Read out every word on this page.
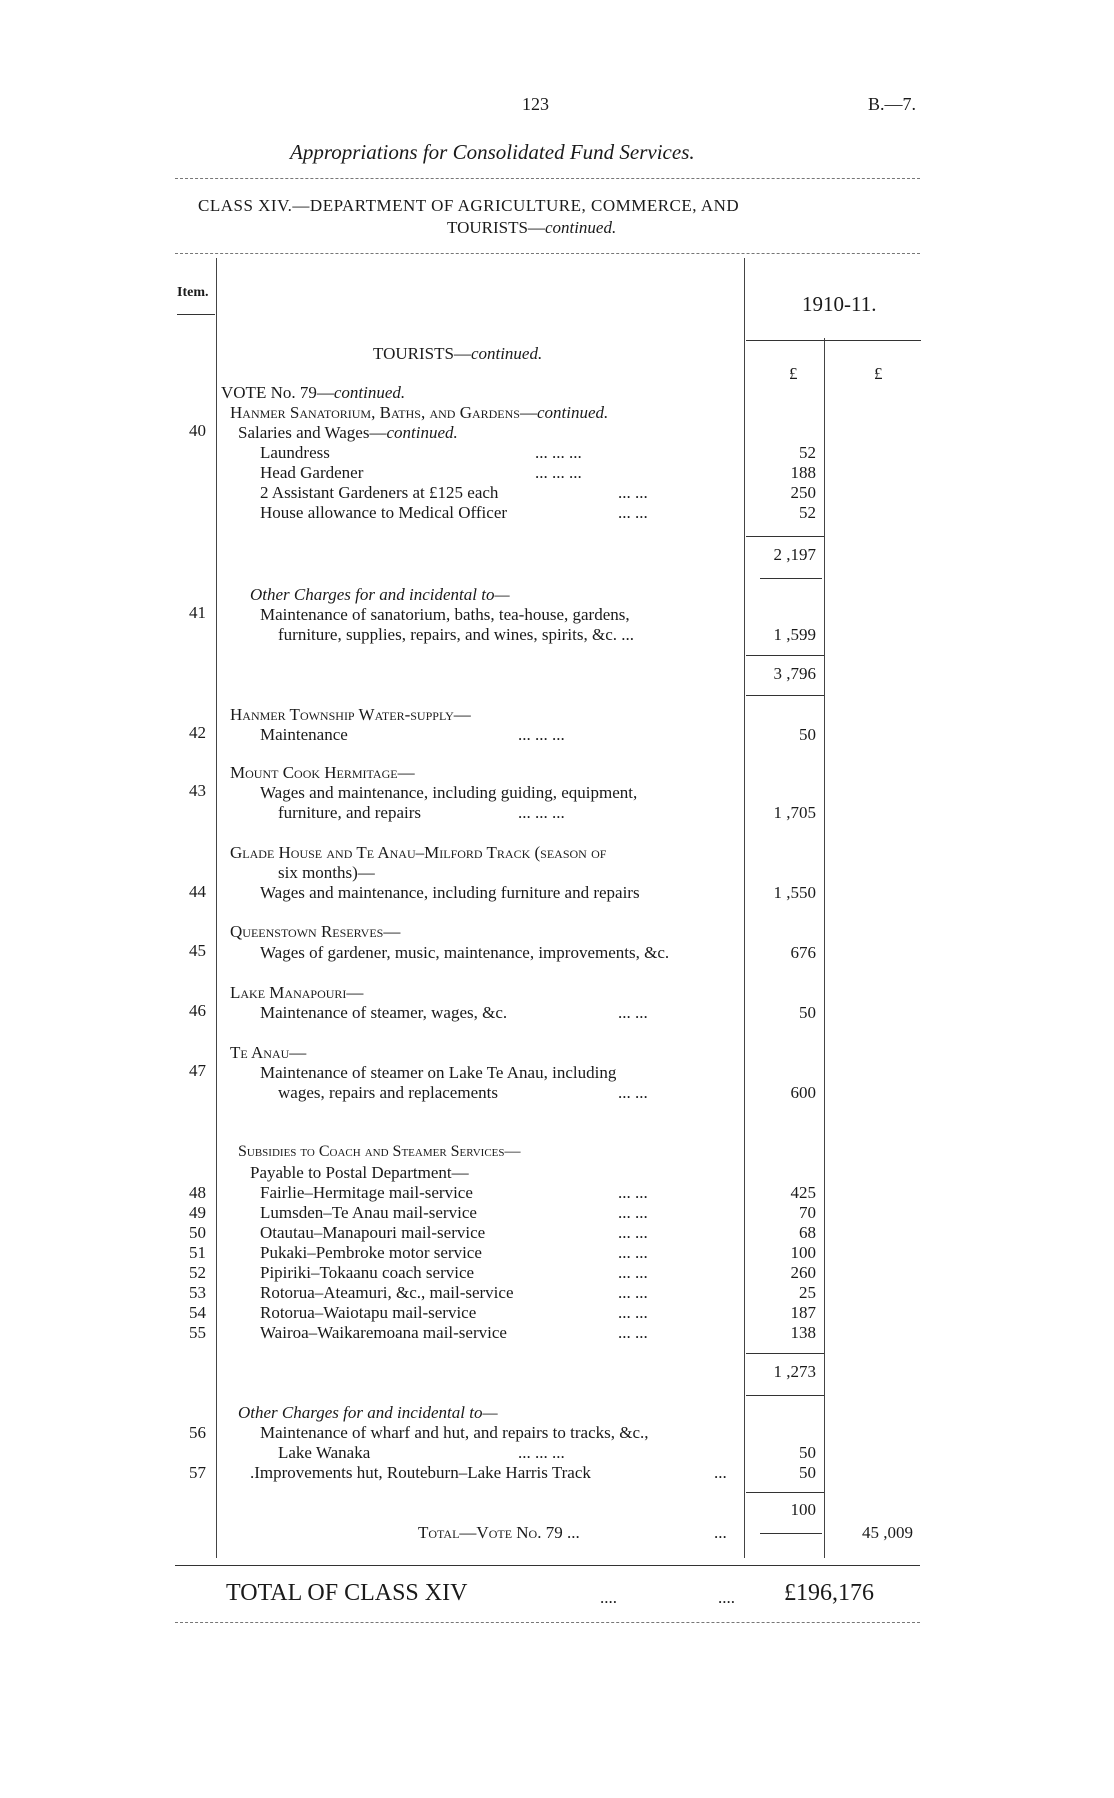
123	B.—7.
Appropriations for Consolidated Fund Services.
CLASS XIV.—DEPARTMENT OF AGRICULTURE, COMMERCE, AND
TOURISTS—continued.
Item.	1910-11.
£	£
TOURISTS—continued.
VOTE No. 79—continued.
Hanmer Sanatorium, Baths, and Gardens—continued.
Salaries and Wages—continued.
40
Laundress	... ... ...	52
Head Gardener	... ... ...	188
2 Assistant Gardeners at £125 each	... ...	250
House allowance to Medical Officer	... ...	52
2 ,197
Other Charges for and incidental to—
41	Maintenance of sanatorium, baths, tea-house, gardens,
furniture, supplies, repairs, and wines, spirits, &c. ...	1 ,599
3 ,796
Hanmer Township Water-supply—
42	Maintenance	... ... ...	50
Mount Cook Hermitage—
43	Wages and maintenance, including guiding, equipment,
furniture, and repairs	... ... ...	1 ,705
Glade House and Te Anau–Milford Track (season of
six months)—
44	Wages and maintenance, including furniture and repairs	1 ,550
Queenstown Reserves—
45	Wages of gardener, music, maintenance, improvements, &c.	676
Lake Manapouri—
46	Maintenance of steamer, wages, &c.	... ...	50
Te Anau—
47	Maintenance of steamer on Lake Te Anau, including
wages, repairs and replacements	... ...	600
Subsidies to Coach and Steamer Services—
Payable to Postal Department—
48	Fairlie–Hermitage mail-service	... ...	425
49	Lumsden–Te Anau mail-service	... ...	70
50	Otautau–Manapouri mail-service	... ...	68
51	Pukaki–Pembroke motor service	... ...	100
52	Pipiriki–Tokaanu coach service	... ...	260
53	Rotorua–Ateamuri, &c., mail-service	... ...	25
54	Rotorua–Waiotapu mail-service	... ...	187
55	Wairoa–Waikaremoana mail-service	... ...	138
1 ,273
Other Charges for and incidental to—
56	Maintenance of wharf and hut, and repairs to tracks, &c.,
Lake Wanaka	... ... ...	50
57	.Improvements hut, Routeburn–Lake Harris Track	...	50
100
Total—Vote No. 79 ...	...	45 ,009
TOTAL OF CLASS XIV	....	.... £196,176
